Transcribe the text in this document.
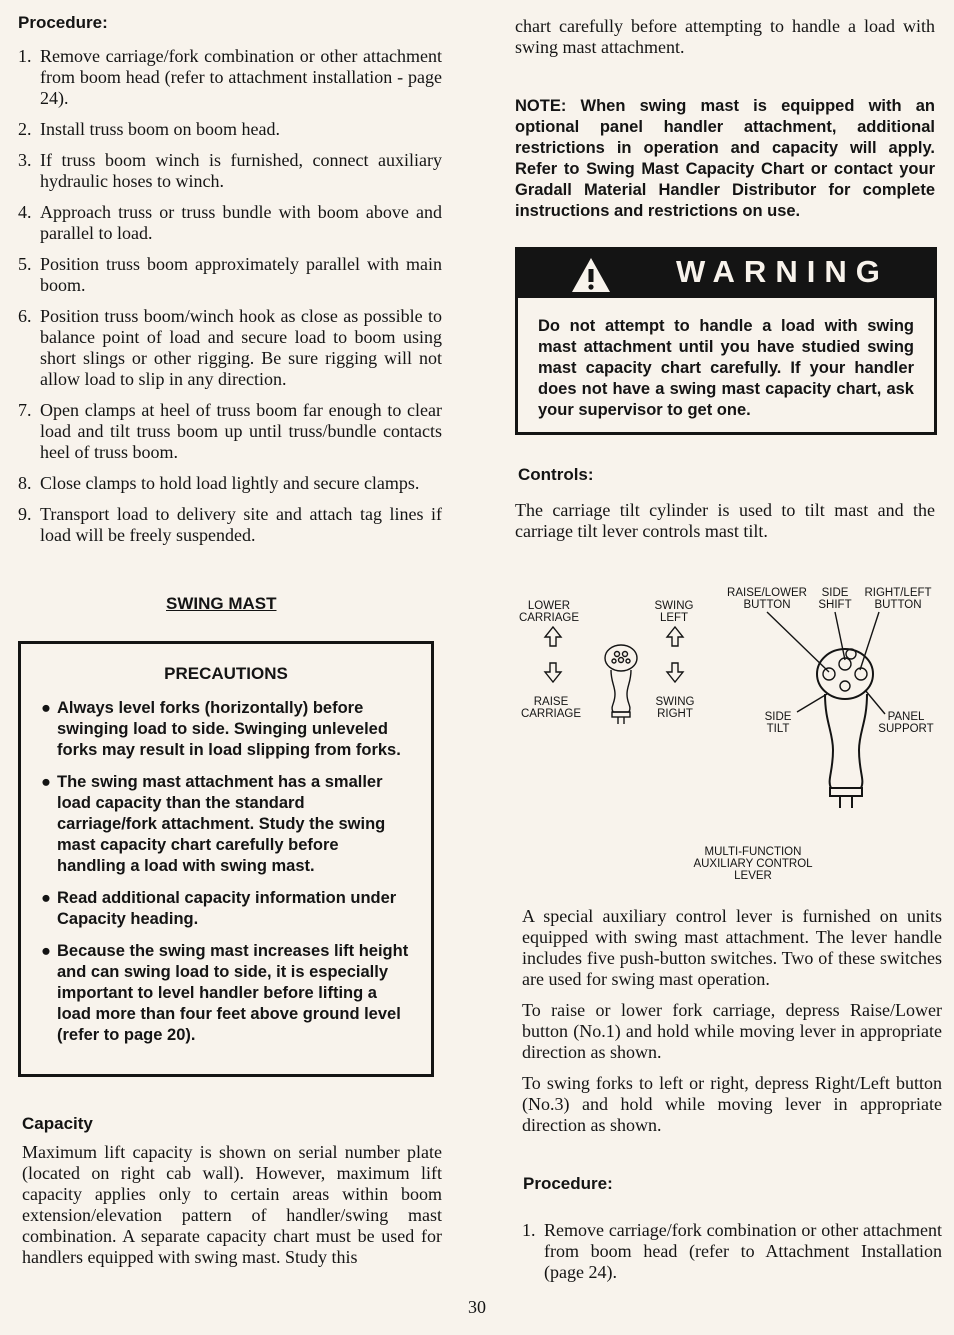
Procedure:
1. Remove carriage/fork combination or other attachment from boom head (refer to attachment installation - page 24).
2. Install truss boom on boom head.
3. If truss boom winch is furnished, connect auxiliary hydraulic hoses to winch.
4. Approach truss or truss bundle with boom above and parallel to load.
5. Position truss boom approximately parallel with main boom.
6. Position truss boom/winch hook as close as possible to balance point of load and secure load to boom using short slings or other rigging. Be sure rigging will not allow load to slip in any direction.
7. Open clamps at heel of truss boom far enough to clear load and tilt truss boom up until truss/bundle contacts heel of truss boom.
8. Close clamps to hold load lightly and secure clamps.
9. Transport load to delivery site and attach tag lines if load will be freely suspended.
SWING MAST
PRECAUTIONS
● Always level forks (horizontally) before swinging load to side. Swinging unleveled forks may result in load slipping from forks.
● The swing mast attachment has a smaller load capacity than the standard carriage/fork attachment. Study the swing mast capacity chart carefully before handling a load with swing mast.
● Read additional capacity information under Capacity heading.
● Because the swing mast increases lift height and can swing load to side, it is especially important to level handler before lifting a load more than four feet above ground level (refer to page 20).
Capacity

Maximum lift capacity is shown on serial number plate (located on right cab wall). However, maximum lift capacity applies only to certain areas within boom extension/elevation pattern of handler/swing mast combination. A separate capacity chart must be used for handlers equipped with swing mast. Study this

chart carefully before attempting to handle a load with swing mast attachment.

NOTE: When swing mast is equipped with an optional panel handler attachment, additional restrictions in operation and capacity will apply. Refer to Swing Mast Capacity Chart or contact your Gradall Material Handler Distributor for complete instructions and restrictions on use.

WARNING
Do not attempt to handle a load with swing mast attachment until you have studied swing mast capacity chart carefully. If your handler does not have a swing mast capacity chart, ask your supervisor to get one.
Controls:

The carriage tilt cylinder is used to tilt mast and the carriage tilt lever controls mast tilt.

LOWER CARRIAGE
RAISE CARRIAGE
SWING LEFT
SWING RIGHT
RAISE/LOWER BUTTON
SIDE SHIFT
RIGHT/LEFT BUTTON
SIDE TILT
PANEL SUPPORT
MULTI-FUNCTION AUXILIARY CONTROL LEVER

A special auxiliary control lever is furnished on units equipped with swing mast attachment. The lever handle includes five push-button switches. Two of these switches are used for swing mast operation.

To raise or lower fork carriage, depress Raise/Lower button (No.1) and hold while moving lever in appropriate direction as shown.

To swing forks to left or right, depress Right/Left button (No.3) and hold while moving lever in appropriate direction as shown.

Procedure:
1. Remove carriage/fork combination or other attachment from boom head (refer to Attachment Installation (page 24).
30
